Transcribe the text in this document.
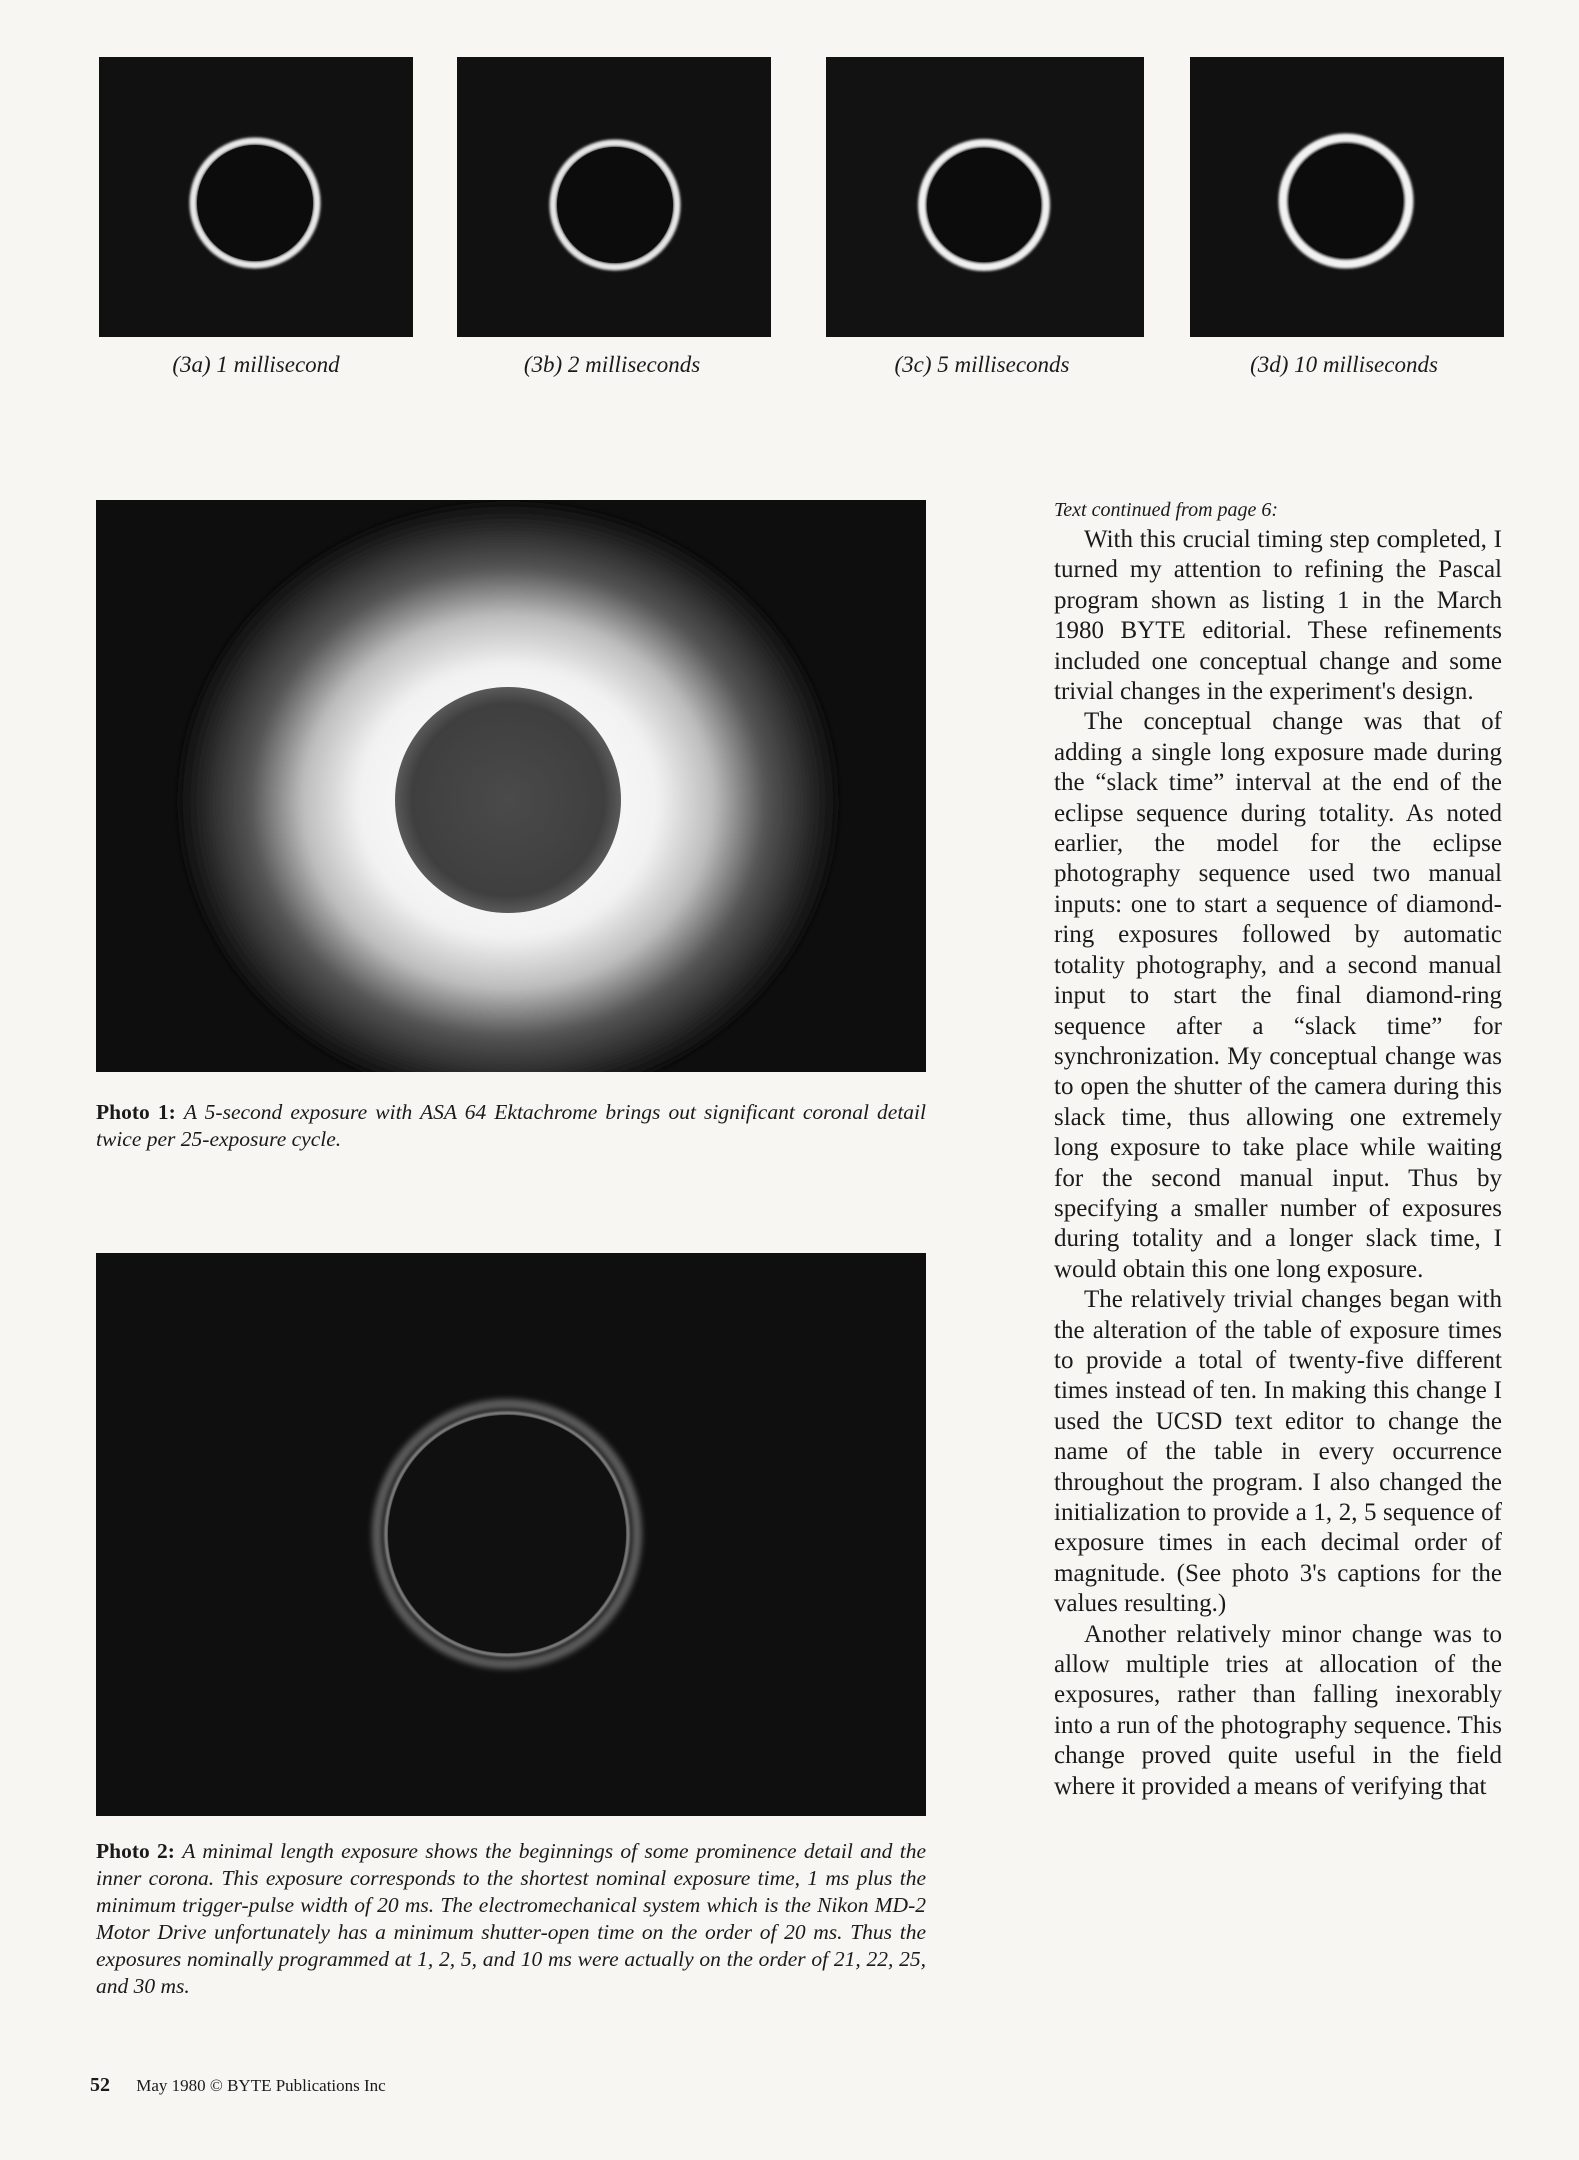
(3a) 1 millisecond	(3b) 2 milliseconds	(3c) 5 milliseconds	(3d) 10 milliseconds
Photo 1: A 5-second exposure with ASA 64 Ektachrome brings out significant coronal detail twice per 25-exposure cycle.
Photo 2: A minimal length exposure shows the beginnings of some prominence detail and the inner corona. This exposure corresponds to the shortest nominal exposure time, 1 ms plus the minimum trigger-pulse width of 20 ms. The electromechanical system which is the Nikon MD-2 Motor Drive unfortunately has a minimum shutter-open time on the order of 20 ms. Thus the exposures nominally programmed at 1, 2, 5, and 10 ms were actually on the order of 21, 22, 25, and 30 ms.
Text continued from page 6:

With this crucial timing step completed, I turned my attention to refining the Pascal program shown as listing 1 in the March 1980 BYTE editorial. These refinements included one conceptual change and some trivial changes in the experiment's design.

The conceptual change was that of adding a single long exposure made during the “slack time” interval at the end of the eclipse sequence during totality. As noted earlier, the model for the eclipse photography sequence used two manual inputs: one to start a sequence of diamond-ring exposures followed by automatic totality photography, and a second manual input to start the final diamond-ring sequence after a “slack time” for synchronization. My conceptual change was to open the shutter of the camera during this slack time, thus allowing one extremely long exposure to take place while waiting for the second manual input. Thus by specifying a smaller number of exposures during totality and a longer slack time, I would obtain this one long exposure.

The relatively trivial changes began with the alteration of the table of exposure times to provide a total of twenty-five different times instead of ten. In making this change I used the UCSD text editor to change the name of the table in every occurrence throughout the program. I also changed the initialization to provide a 1, 2, 5 sequence of exposure times in each decimal order of magnitude. (See photo 3's captions for the values resulting.)

Another relatively minor change was to allow multiple tries at allocation of the exposures, rather than falling inexorably into a run of the photography sequence. This change proved quite useful in the field where it provided a means of verifying that

52 May 1980 © BYTE Publications Inc
